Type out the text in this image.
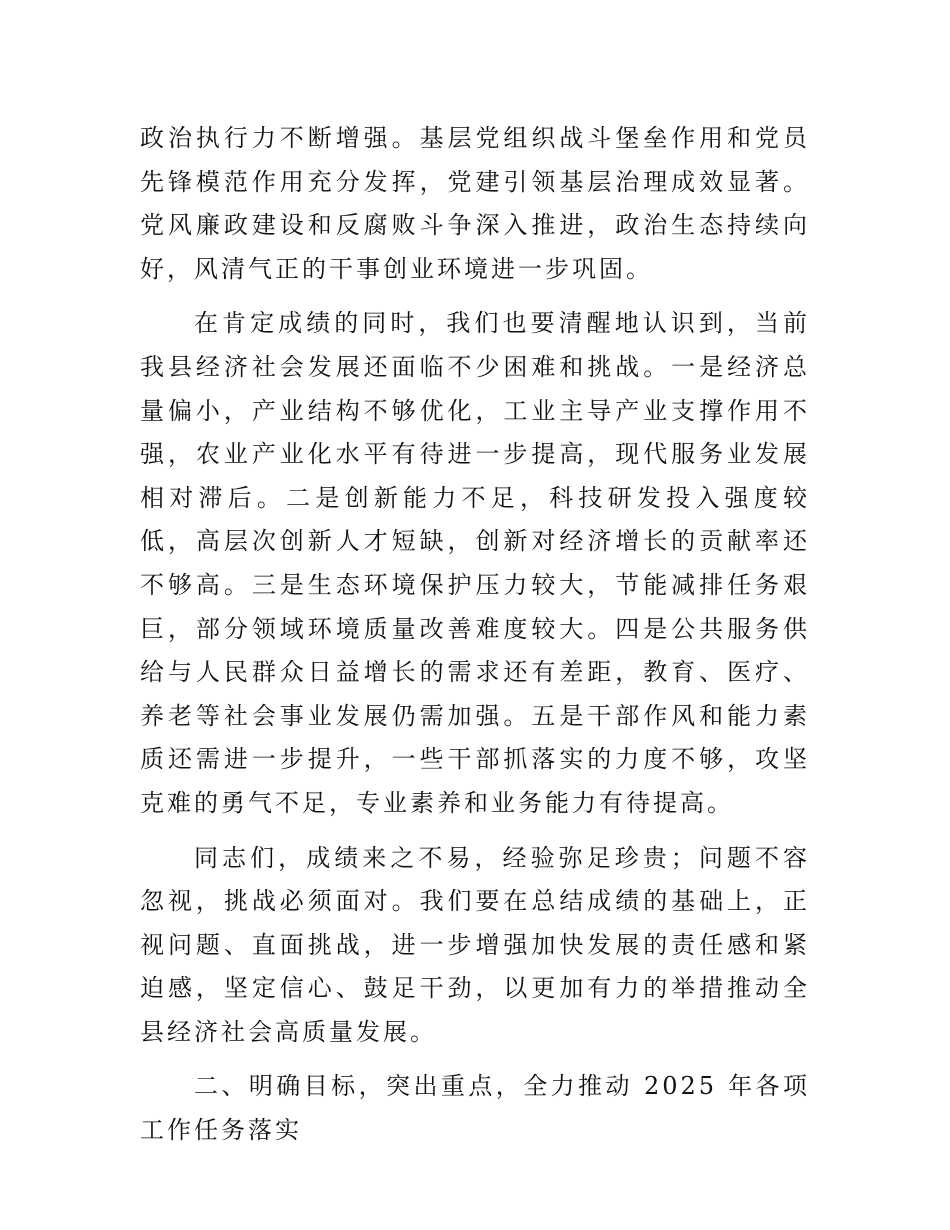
政治执行力不断增强。基层党组织战斗堡垒作用和党员先锋模范作用充分发挥，党建引领基层治理成效显著。党风廉政建设和反腐败斗争深入推进，政治生态持续向好，风清气正的干事创业环境进一步巩固。

在肯定成绩的同时，我们也要清醒地认识到，当前我县经济社会发展还面临不少困难和挑战。一是经济总量偏小，产业结构不够优化，工业主导产业支撑作用不强，农业产业化水平有待进一步提高，现代服务业发展相对滞后。二是创新能力不足，科技研发投入强度较低，高层次创新人才短缺，创新对经济增长的贡献率还不够高。三是生态环境保护压力较大，节能减排任务艰巨，部分领域环境质量改善难度较大。四是公共服务供给与人民群众日益增长的需求还有差距，教育、医疗、养老等社会事业发展仍需加强。五是干部作风和能力素质还需进一步提升，一些干部抓落实的力度不够，攻坚克难的勇气不足，专业素养和业务能力有待提高。

同志们，成绩来之不易，经验弥足珍贵；问题不容忽视，挑战必须面对。我们要在总结成绩的基础上，正视问题、直面挑战，进一步增强加快发展的责任感和紧迫感，坚定信心、鼓足干劲，以更加有力的举措推动全县经济社会高质量发展。

二、明确目标，突出重点，全力推动 2025 年各项工作任务落实
